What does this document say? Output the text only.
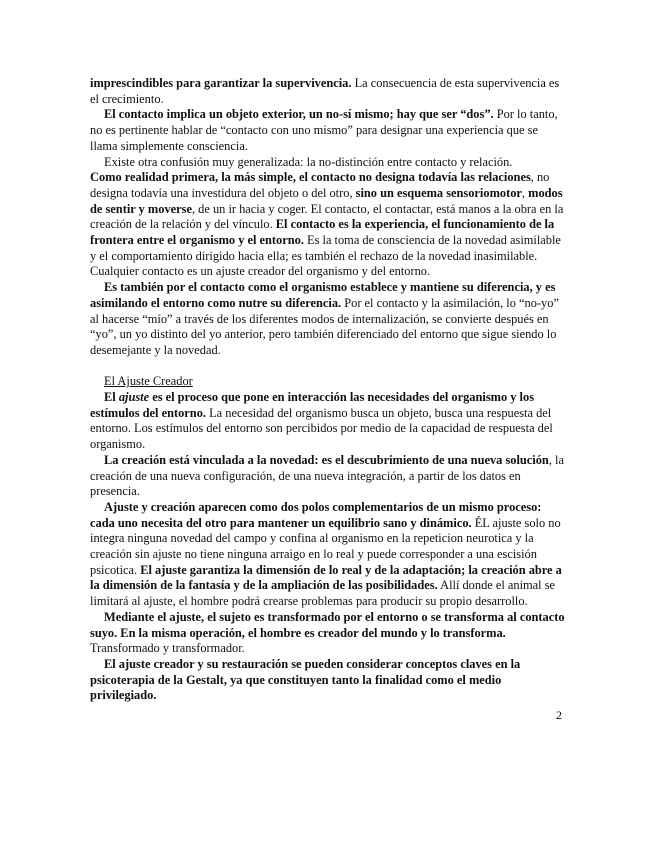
imprescindibles para garantizar la supervivencia. La consecuencia de esta supervivencia es el crecimiento.

El contacto implica un objeto exterior, un no-sí mismo; hay que ser “dos”. Por lo tanto, no es pertinente hablar de “contacto con uno mismo” para designar una experiencia que se llama simplemente consciencia.

Existe otra confusión muy generalizada: la no-distinción entre contacto y relación.

Como realidad primera, la más simple, el contacto no designa todavía las relaciones, no designa todavía una investidura del objeto o del otro, sino un esquema sensoriomotor, modos de sentir y moverse, de un ir hacia y coger. El contacto, el contactar, está manos a la obra en la creación de la relación y del vínculo. El contacto es la experiencia, el funcionamiento de la frontera entre el organismo y el entorno. Es la toma de consciencia de la novedad asimilable y el comportamiento dirigido hacia ella; es también el rechazo de la novedad inasimilable. Cualquier contacto es un ajuste creador del organismo y del entorno.

Es también por el contacto como el organismo establece y mantiene su diferencia, y es asimilando el entorno como nutre su diferencia. Por el contacto y la asimilación, lo “no-yo” al hacerse “mío” a través de los diferentes modos de internalización, se convierte después en “yo”, un yo distinto del yo anterior, pero también diferenciado del entorno que sigue siendo lo desemejante y la novedad.

El Ajuste Creador

El ajuste es el proceso que pone en interacción las necesidades del organismo y los estímulos del entorno. La necesidad del organismo busca un objeto, busca una respuesta del entorno. Los estímulos del entorno son percibidos por medio de la capacidad de respuesta del organismo.

La creación está vinculada a la novedad: es el descubrimiento de una nueva solución, la creación de una nueva configuración, de una nueva integración, a partir de los datos en presencia.

Ajuste y creación aparecen como dos polos complementarios de un mismo proceso: cada uno necesita del otro para mantener un equilibrio sano y dinámico. ÉL ajuste solo no integra ninguna novedad del campo y confina al organismo en la repeticion neurotica y la creación sin ajuste no tiene ninguna arraigo en lo real y puede corresponder a una escisión psicotica. El ajuste garantiza la dimensión de lo real y de la adaptación; la creación abre a la dimensión de la fantasía y de la ampliación de las posibilidades. Allí donde el animal se limitará al ajuste, el hombre podrá crearse problemas para producir su propio desarrollo.

Mediante el ajuste, el sujeto es transformado por el entorno o se transforma al contacto suyo. En la misma operación, el hombre es creador del mundo y lo transforma. Transformado y transformador.

El ajuste creador y su restauración se pueden considerar conceptos claves en la psicoterapia de la Gestalt, ya que constituyen tanto la finalidad como el medio privilegiado.

2
